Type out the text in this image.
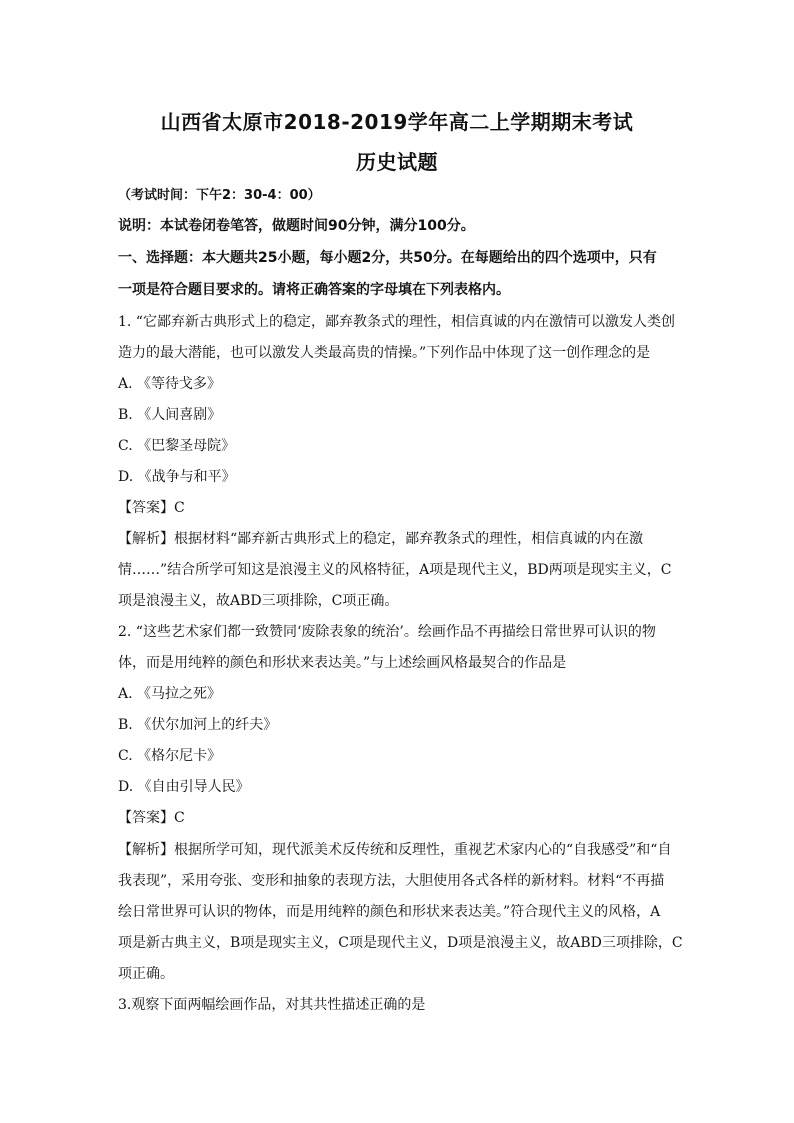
山西省太原市2018-2019学年高二上学期期末考试
历史试题
（考试时间：下午2：30-4：00）
说明：本试卷闭卷笔答，做题时间90分钟，满分100分。
一、选择题：本大题共25小题，每小题2分，共50分。在每题给出的四个选项中，只有
一项是符合题目要求的。请将正确答案的字母填在下列表格内。
1. “它鄙弃新古典形式上的稳定，鄙弃教条式的理性，相信真诚的内在激情可以激发人类创
造力的最大潜能，也可以激发人类最高贵的情操。”下列作品中体现了这一创作理念的是
A. 《等待戈多》
B. 《人间喜剧》
C. 《巴黎圣母院》
D. 《战争与和平》
【答案】C
【解析】根据材料“鄙弃新古典形式上的稳定，鄙弃教条式的理性，相信真诚的内在激
情……”结合所学可知这是浪漫主义的风格特征，A项是现代主义，BD两项是现实主义，C
项是浪漫主义，故ABD三项排除，C项正确。
2. “这些艺术家们都一致赞同‘废除表象的统治’。绘画作品不再描绘日常世界可认识的物
体，而是用纯粹的颜色和形状来表达美。”与上述绘画风格最契合的作品是
A. 《马拉之死》
B. 《伏尔加河上的纤夫》
C. 《格尔尼卡》
D. 《自由引导人民》
【答案】C
【解析】根据所学可知，现代派美术反传统和反理性，重视艺术家内心的“自我感受”和“自
我表现”，采用夸张、变形和抽象的表现方法，大胆使用各式各样的新材料。材料“不再描
绘日常世界可认识的物体，而是用纯粹的颜色和形状来表达美。”符合现代主义的风格，A
项是新古典主义，B项是现实主义，C项是现代主义，D项是浪漫主义，故ABD三项排除，C
项正确。
3.观察下面两幅绘画作品，对其共性描述正确的是
